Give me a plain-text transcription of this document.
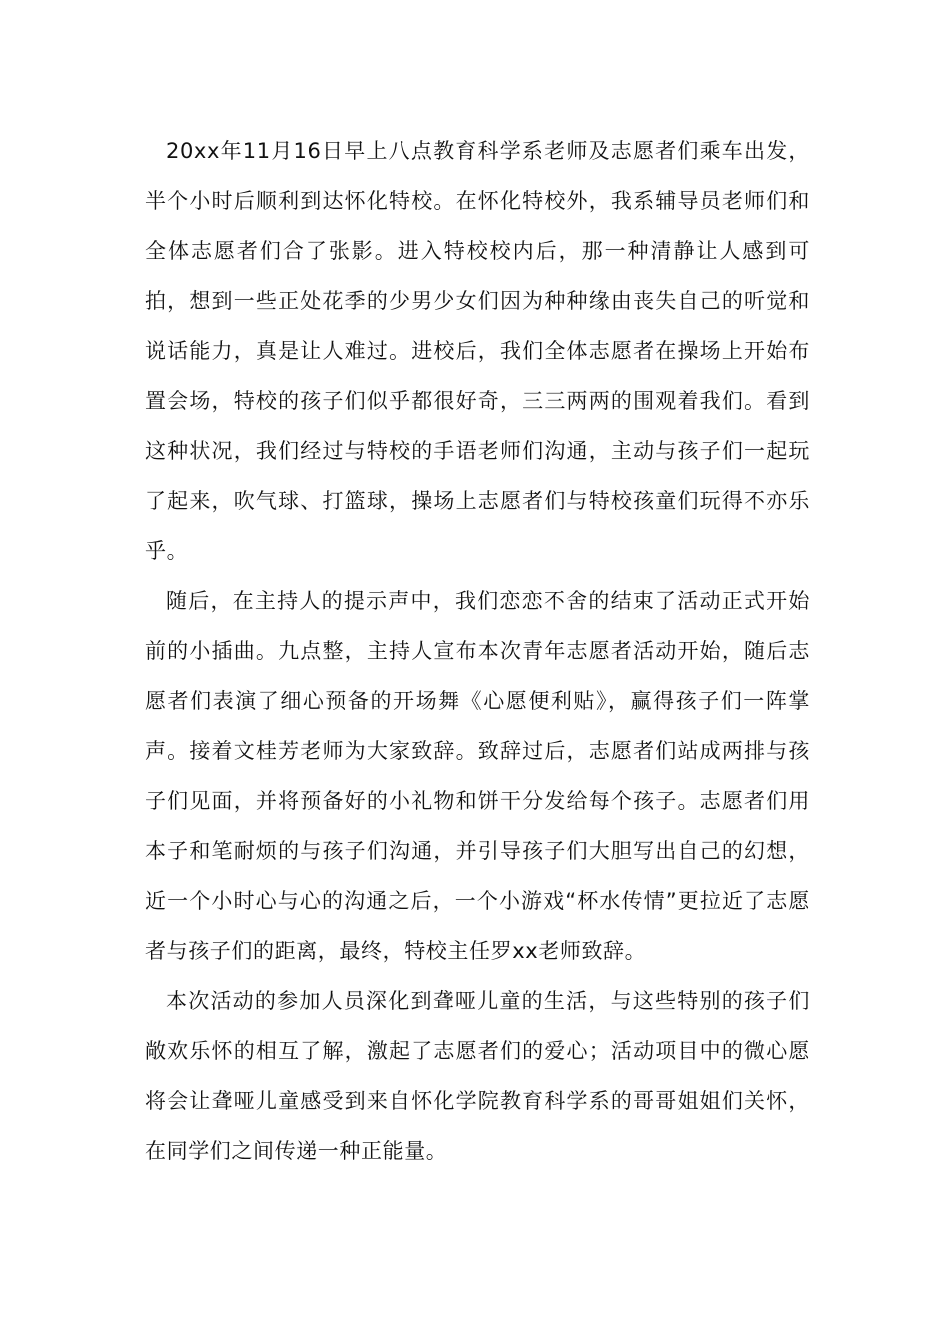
20xx年11月16日早上八点教育科学系老师及志愿者们乘车出发，半个小时后顺利到达怀化特校。在怀化特校外，我系辅导员老师们和全体志愿者们合了张影。进入特校校内后，那一种清静让人感到可拍，想到一些正处花季的少男少女们因为种种缘由丧失自己的听觉和说话能力，真是让人难过。进校后，我们全体志愿者在操场上开始布置会场，特校的孩子们似乎都很好奇，三三两两的围观着我们。看到这种状况，我们经过与特校的手语老师们沟通，主动与孩子们一起玩了起来，吹气球、打篮球，操场上志愿者们与特校孩童们玩得不亦乐乎。

随后，在主持人的提示声中，我们恋恋不舍的结束了活动正式开始前的小插曲。九点整，主持人宣布本次青年志愿者活动开始，随后志愿者们表演了细心预备的开场舞《心愿便利贴》，赢得孩子们一阵掌声。接着文桂芳老师为大家致辞。致辞过后，志愿者们站成两排与孩子们见面，并将预备好的小礼物和饼干分发给每个孩子。志愿者们用本子和笔耐烦的与孩子们沟通，并引导孩子们大胆写出自己的幻想，近一个小时心与心的沟通之后，一个小游戏“杯水传情”更拉近了志愿者与孩子们的距离，最终，特校主任罗xx老师致辞。

本次活动的参加人员深化到聋哑儿童的生活，与这些特别的孩子们敞欢乐怀的相互了解，激起了志愿者们的爱心；活动项目中的微心愿将会让聋哑儿童感受到来自怀化学院教育科学系的哥哥姐姐们关怀，在同学们之间传递一种正能量。
